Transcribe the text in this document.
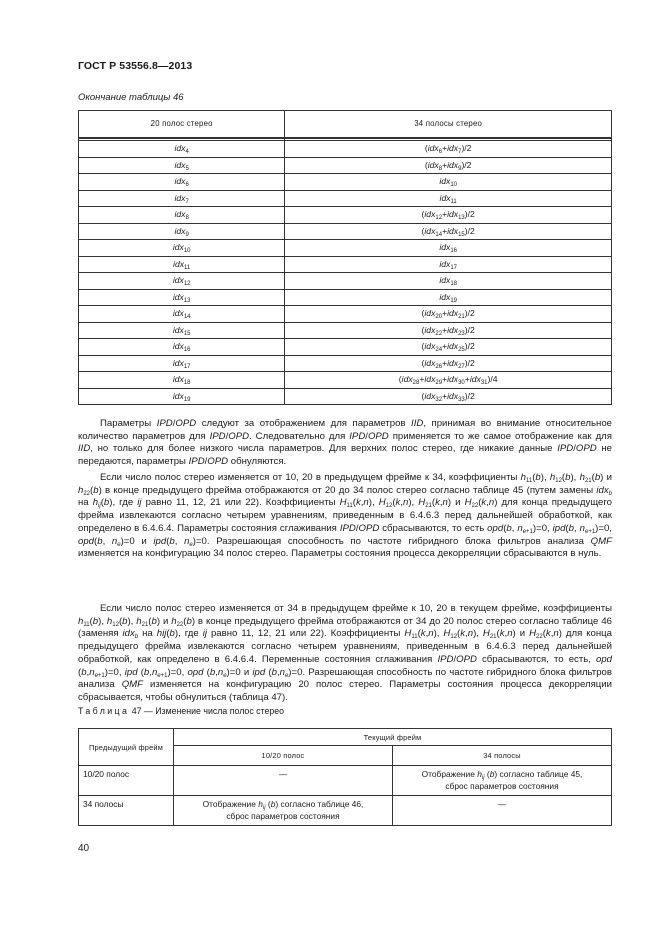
ГОСТ Р 53556.8—2013
Окончание таблицы 46
20 полос стерео	34 полосы стерео

idx$_4$	(idx$_6$+idx$_7$)/2
idx$_5$	(idx$_8$+idx$_9$)/2
idx$_6$	idx$_{10}$
idx$_7$	idx$_{11}$
idx$_8$	(idx$_{12}$+idx$_{13}$)/2
idx$_9$	(idx$_{14}$+idx$_{15}$)/2
idx$_{10}$	idx$_{16}$
idx$_{11}$	idx$_{17}$
idx$_{12}$	idx$_{18}$
idx$_{13}$	idx$_{19}$
idx$_{14}$	(idx$_{20}$+idx$_{21}$)/2
idx$_{15}$	(idx$_{22}$+idx$_{23}$)/2
idx$_{16}$	(idx$_{24}$+idx$_{25}$)/2
idx$_{17}$	(idx$_{26}$+idx$_{27}$)/2
idx$_{18}$	(idx$_{28}$+idx$_{29}$+idx$_{30}$+idx$_{31}$)/4
idx$_{19}$	(idx$_{32}$+idx$_{33}$)/2

Параметры IPD/OPD следуют за отображением для параметров IID, принимая во внимание относительное количество параметров для IPD/OPD. Следовательно для IPD/OPD применяется то же самое отображение как для IID, но только для более низкого числа параметров. Для верхних полос стерео, где никакие данные IPD/OPD не передаются, параметры IPD/OPD обнуляются.

Если число полос стерео изменяется от 10, 20 в предыдущем фрейме к 34, коэффициенты $h_{11}(b)$, $h_{12}(b)$, $h_{21}(b)$ и $h_{22}(b)$ в конце предыдущего фрейма отображаются от 20 до 34 полос стерео согласно таблице 45 (путем замены idx$_b$ на $h_{ij}(b)$, где ij равно 11, 12, 21 или 22). Коэффициенты $H_{11}(k,n)$, $H_{12}(k,n)$, $H_{21}(k,n)$ и $H_{22}(k,n)$ для конца предыдущего фрейма извлекаются согласно четырем уравнениям, приведенным в 6.4.6.3 перед дальнейшей обработкой, как определено в 6.4.6.4. Параметры состояния сглаживания IPD/OPD сбрасываются, то есть opd(b, $n_{e+1})=0$, ipd(b, $n_{e+1})=0$, opd(b, $n_e)=0$ и ipd(b, $n_e)=0$. Разрешающая способность по частоте гибридного блока фильтров анализа QMF изменяется на конфигурацию 34 полос стерео. Параметры состояния процесса декорреляции сбрасываются в нуль.

Если число полос стерео изменяется от 34 в предыдущем фрейме к 10, 20 в текущем фрейме, коэффициенты $h_{11}(b)$, $h_{12}(b)$, $h_{21}(b)$ и $h_{22}(b)$ в конце предыдущего фрейма отображаются от 34 до 20 полос стерео согласно таблице 46 (заменяя idx$_b$ на hij(b), где ij равно 11, 12, 21 или 22). Коэффициенты $H_{11}(k,n)$, $H_{12}(k,n)$, $H_{21}(k,n)$ и $H_{22}(k,n)$ для конца предыдущего фрейма извлекаются согласно четырем уравнениям, приведенным в 6.4.6.3 перед дальнейшей обработкой, как определено в 6.4.6.4. Переменные состояния сглаживания IPD/OPD сбрасываются, то есть, opd $(b,n_{e+1})=0$, ipd $(b,n_{e+1})=0$, opd $(b,n_e)=0$ и ipd $(b,n_e)=0$. Разрешающая способность по частоте гибридного блока фильтров анализа QMF изменяется на конфигурацию 20 полос стерео. Параметры состояния процесса декорреляции сбрасывается, чтобы обнулиться (таблица 47).

Таблица 47 — Изменение числа полос стерео
Предыдущий фрейм	Текущий фрейм	
	10/20 полос	34 полосы
10/20 полос	—	Отображение $h_{ij}$ (b) согласно таблице 45,
сброс параметров состояния
34 полосы	Отображение $h_{ij}$ (b) согласно таблице 46,
сброс параметров состояния	—
40
